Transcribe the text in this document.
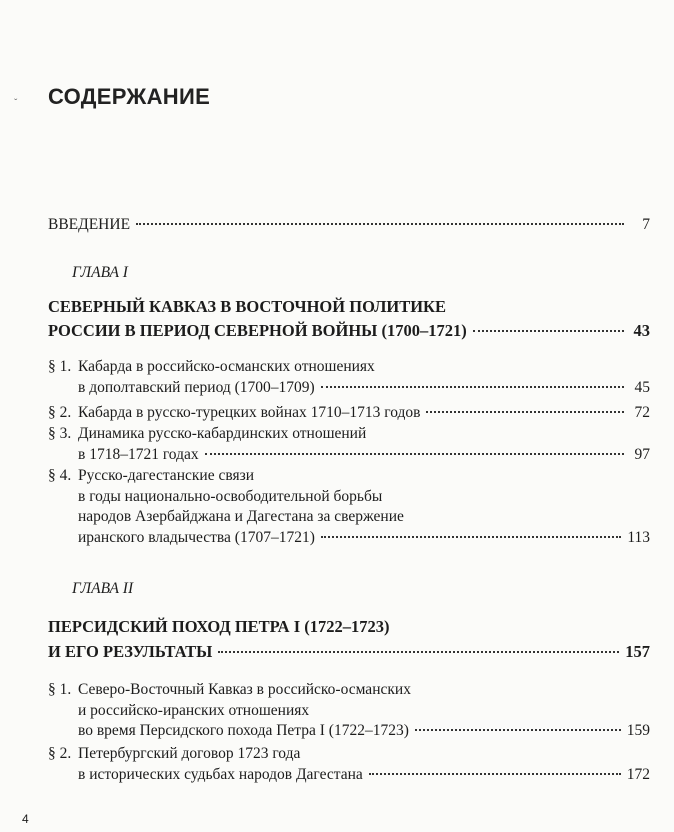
ˇ СОДЕРЖАНИЕ
ВВЕДЕНИЕ	7
ГЛАВА I
СЕВЕРНЫЙ КАВКАЗ В ВОСТОЧНОЙ ПОЛИТИКЕ
РОССИИ В ПЕРИОД СЕВЕРНОЙ ВОЙНЫ (1700–1721)	43
§ 1. Кабарда в российско-османских отношениях
в дополтавский период (1700–1709)	45
§ 2. Кабарда в русско-турецких войнах 1710–1713 годов	72
§ 3. Динамика русско-кабардинских отношений
в 1718–1721 годах	97
§ 4. Русско-дагестанские связи
в годы национально-освободительной борьбы
народов Азербайджана и Дагестана за свержение
иранского владычества (1707–1721)	113
ГЛАВА II
ПЕРСИДСКИЙ ПОХОД ПЕТРА I (1722–1723)
И ЕГО РЕЗУЛЬТАТЫ	157
§ 1. Северо-Восточный Кавказ в российско-османских
и российско-иранских отношениях
во время Персидского похода Петра I (1722–1723)	159
§ 2. Петербургский договор 1723 года
в исторических судьбах народов Дагестана	172
4
